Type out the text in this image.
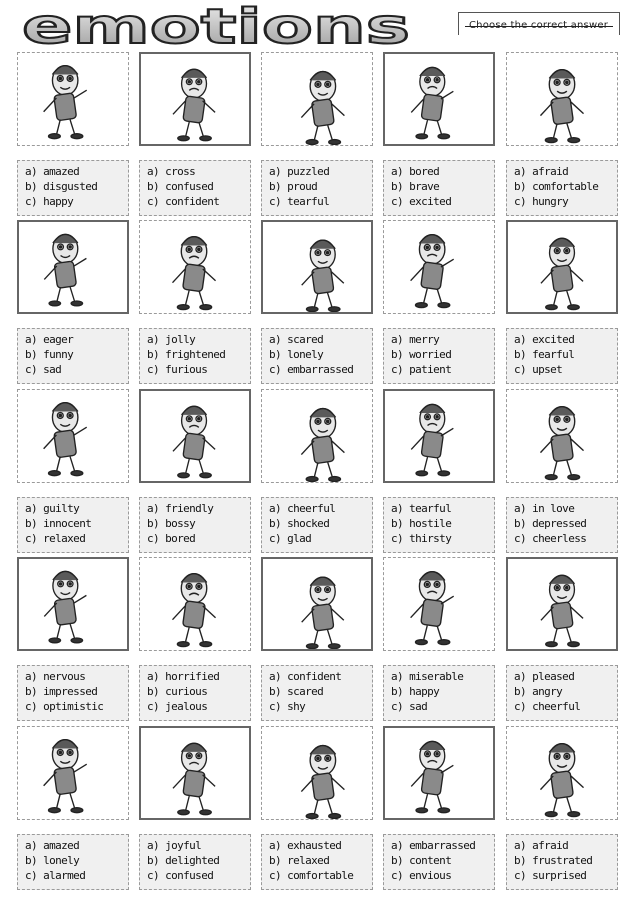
emotions	Choose the correct answer
a) amazed
b) disgusted
c) happy
a) cross
b) confused
c) confident
a) puzzled
b) proud
c) tearful
a) bored
b) brave
c) excited
a) afraid
b) comfortable
c) hungry
a) eager
b) funny
c) sad
a) jolly
b) frightened
c) furious
a) scared
b) lonely
c) embarrassed
a) merry
b) worried
c) patient
a) excited
b) fearful
c) upset
a) guilty
b) innocent
c) relaxed
a) friendly
b) bossy
c) bored
a) cheerful
b) shocked
c) glad
a) tearful
b) hostile
c) thirsty
a) in love
b) depressed
c) cheerless
a) nervous
b) impressed
c) optimistic
a) horrified
b) curious
c) jealous
a) confident
b) scared
c) shy
a) miserable
b) happy
c) sad
a) pleased
b) angry
c) cheerful
a) amazed
b) lonely
c) alarmed
a) joyful
b) delighted
c) confused
a) exhausted
b) relaxed
c) comfortable
a) embarrassed
b) content
c) envious
a) afraid
b) frustrated
c) surprised
